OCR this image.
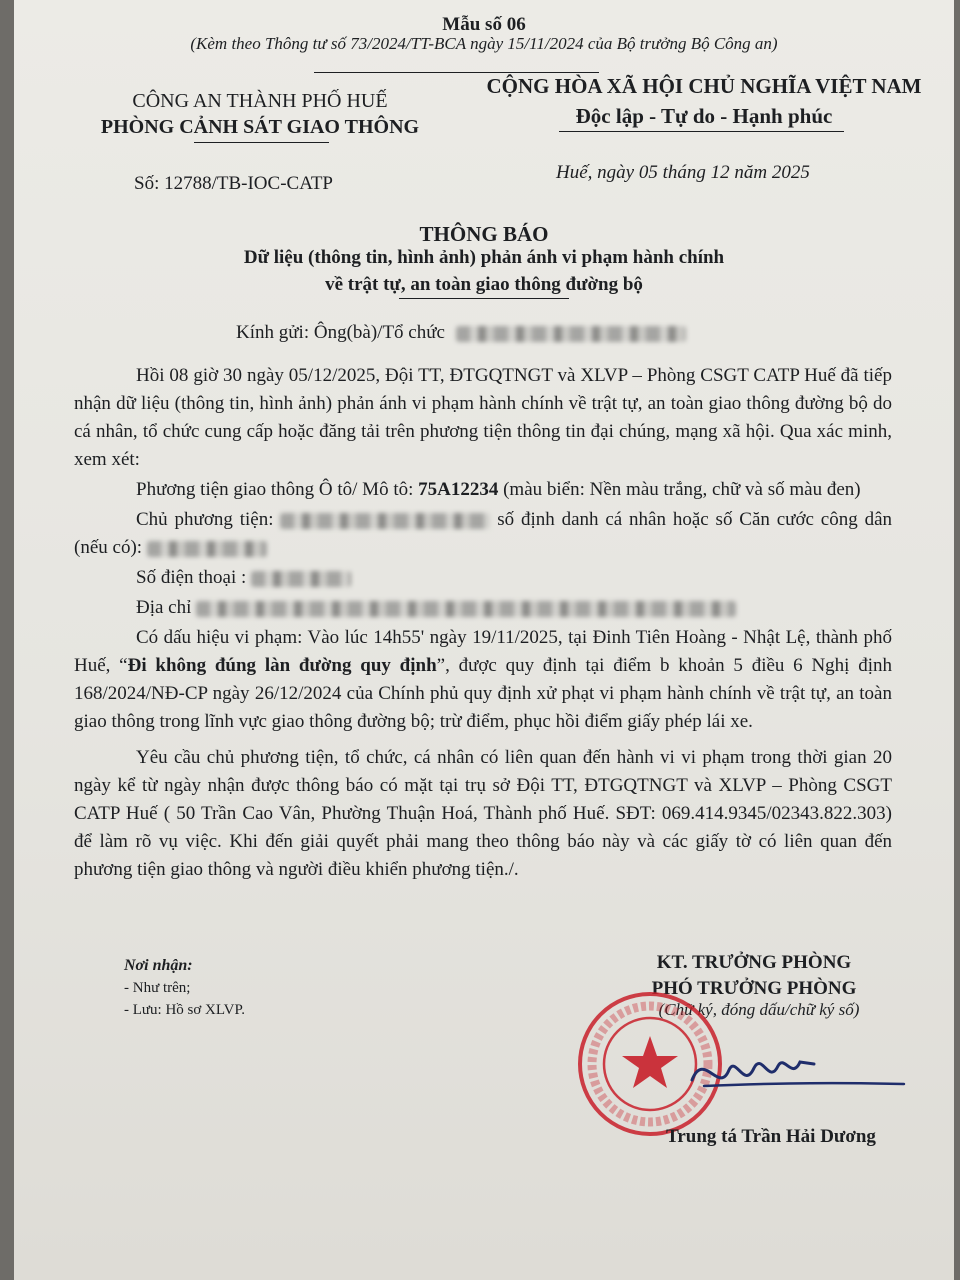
Mẫu số 06
(Kèm theo Thông tư số 73/2024/TT-BCA ngày 15/11/2024 của Bộ trưởng Bộ Công an)
CÔNG AN THÀNH PHỐ HUẾ
PHÒNG CẢNH SÁT GIAO THÔNG
CỘNG HÒA XÃ HỘI CHỦ NGHĨA VIỆT NAM
Độc lập - Tự do - Hạnh phúc
Số: 12788/TB-IOC-CATP
Huế, ngày 05 tháng 12 năm 2025
THÔNG BÁO
Dữ liệu (thông tin, hình ảnh) phản ánh vi phạm hành chính
về trật tự, an toàn giao thông đường bộ
Kính gửi: Ông(bà)/Tổ chức

Hồi 08 giờ 30 ngày 05/12/2025, Đội TT, ĐTGQTNGT và XLVP – Phòng CSGT CATP Huế đã tiếp nhận dữ liệu (thông tin, hình ảnh) phản ánh vi phạm hành chính về trật tự, an toàn giao thông đường bộ do cá nhân, tổ chức cung cấp hoặc đăng tải trên phương tiện thông tin đại chúng, mạng xã hội. Qua xác minh, xem xét:

Phương tiện giao thông Ô tô/ Mô tô: 75A12234 (màu biển: Nền màu trắng, chữ và số màu đen)

Chủ phương tiện:	số định danh cá nhân hoặc số Căn cước công dân (nếu có):

Số điện thoại :

Địa chỉ

Có dấu hiệu vi phạm: Vào lúc 14h55' ngày 19/11/2025, tại Đinh Tiên Hoàng - Nhật Lệ, thành phố Huế, “Đi không đúng làn đường quy định”, được quy định tại điểm b khoản 5 điều 6 Nghị định 168/2024/NĐ-CP ngày 26/12/2024 của Chính phủ quy định xử phạt vi phạm hành chính về trật tự, an toàn giao thông trong lĩnh vực giao thông đường bộ; trừ điểm, phục hồi điểm giấy phép lái xe.

Yêu cầu chủ phương tiện, tổ chức, cá nhân có liên quan đến hành vi vi phạm trong thời gian 20 ngày kể từ ngày nhận được thông báo có mặt tại trụ sở Đội TT, ĐTGQTNGT và XLVP – Phòng CSGT CATP Huế ( 50 Trần Cao Vân, Phường Thuận Hoá, Thành phố Huế. SĐT: 069.414.9345/02343.822.303) để làm rõ vụ việc. Khi đến giải quyết phải mang theo thông báo này và các giấy tờ có liên quan đến phương tiện giao thông và người điều khiển phương tiện./.

Nơi nhận:
- Như trên;
- Lưu: Hồ sơ XLVP.
KT. TRƯỞNG PHÒNG
PHÓ TRƯỞNG PHÒNG
(Chữ ký, đóng dấu/chữ ký số)
Trung tá Trần Hải Dương
